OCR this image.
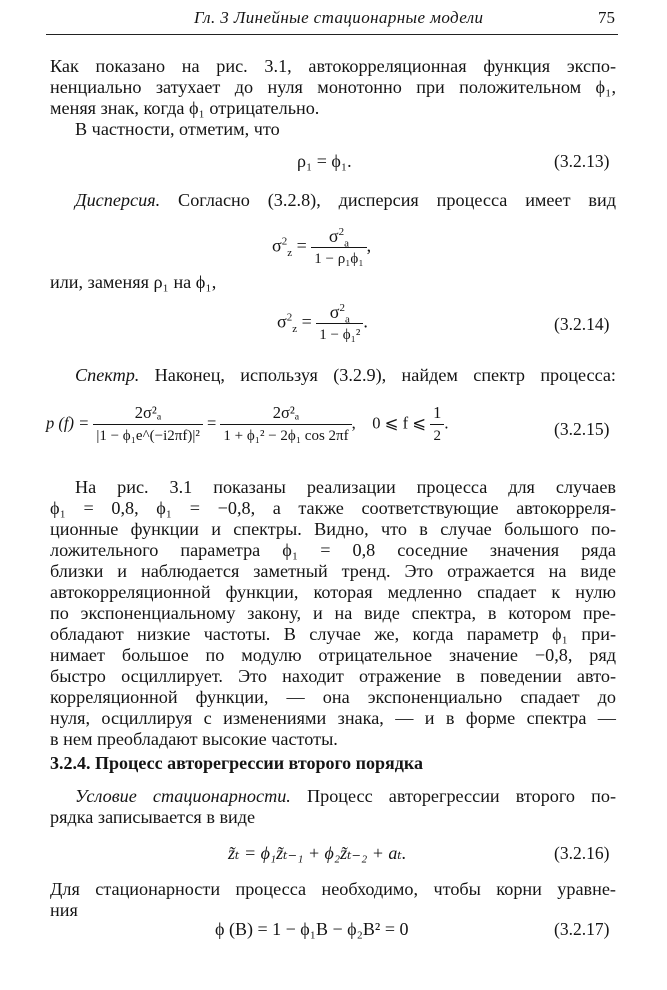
Гл. 3 Линейные стационарные модели	75
Как показано на рис. 3.1, автокорреляционная функция экспо-
ненциально затухает до нуля монотонно при положительном ϕ₁,
меняя знак, когда ϕ₁ отрицательно.
В частности, отметим, что
ρ₁ = ϕ₁.	(3.2.13)
Дисперсия. Согласно (3.2.8), дисперсия процесса имеет вид
$\sigma^2_z = \frac{\sigma^2_a}{\text{1 − ρ₁ϕ₁}}$ ,
или, заменяя ρ₁ на ϕ₁,
$\sigma^2_z = \frac{\sigma^2_a}{\text{1 − ϕ₁²}}$ .	(3.2.14)
Спектр. Наконец, используя (3.2.9), найдем спектр процесса:
p $(f) = \frac{\text{2σ²ₐ}}{\text{|1 − ϕ₁e\textasciicircum{}(−i2πf)|²}} = \frac{\text{2σ²ₐ}}{\text{1 + ϕ₁² − 2ϕ₁ cos 2πf}}$ ,    0 ⩽ f ⩽ $\frac{1}{2}$ .	(3.2.15)
На рис. 3.1 показаны реализации процесса для случаев
ϕ₁ = 0,8, ϕ₁ = −0,8, а также соответствующие автокорреля-
ционные функции и спектры. Видно, что в случае большого по-
ложительного параметра ϕ₁ = 0,8 соседние значения ряда
близки и наблюдается заметный тренд. Это отражается на виде
автокорреляционной функции, которая медленно спадает к нулю
по экспоненциальному закону, и на виде спектра, в котором пре-
обладают низкие частоты. В случае же, когда параметр ϕ₁ при-
нимает большое по модулю отрицательное значение −0,8, ряд
быстро осциллирует. Это находит отражение в поведении авто-
корреляционной функции, — она экспоненциально спадает до
нуля, осциллируя с изменениями знака, — и в форме спектра —
в нем преобладают высокие частоты.
3.2.4. Процесс авторегрессии второго порядка
Условие стационарности. Процесс авторегрессии второго по-
рядка записывается в виде
z̃ₜ = ϕ₁z̃ₜ₋₁ + ϕ₂z̃ₜ₋₂ + aₜ.	(3.2.16)
Для стационарности процесса необходимо, чтобы корни уравне-
ния
ϕ (B) = 1 − ϕ₁B − ϕ₂B² = 0	(3.2.17)
